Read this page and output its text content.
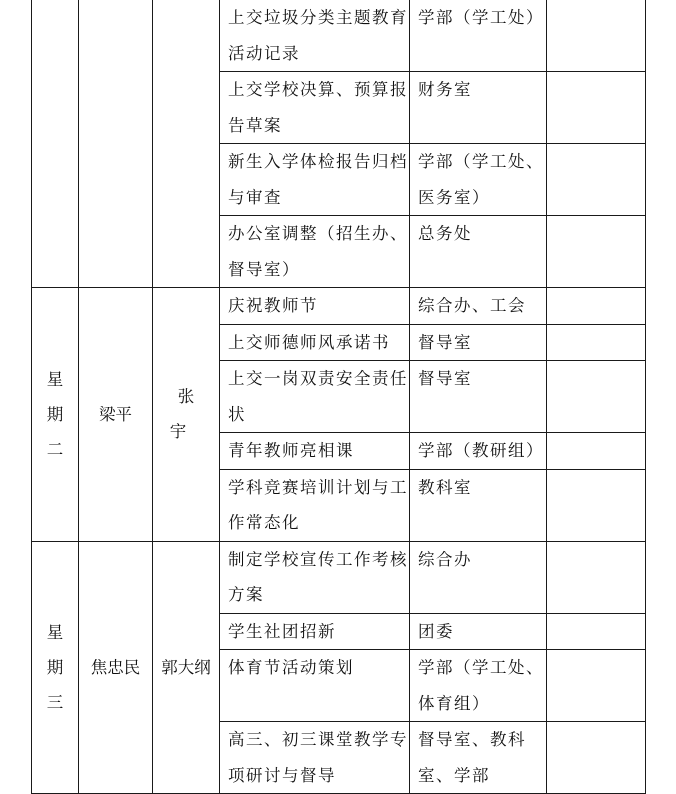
			上交垃圾分类主题教育活动记录	学部（学工处）	
			上交学校决算、预算报告草案	财务室	
			新生入学体检报告归档与审查	学部（学工处、医务室）	
			办公室调整（招生办、督导室）	总务处	

星
期
二	梁平	张宇	庆祝教师节	综合办、工会	
			上交师德师风承诺书	督导室	
			上交一岗双责安全责任状	督导室	
			青年教师亮相课	学部（教研组）	
			学科竞赛培训计划与工作常态化	教科室	

星
期
三	焦忠民	郭大纲	制定学校宣传工作考核方案	综合办	
			学生社团招新	团委	
			体育节活动策划	学部（学工处、体育组）	
			高三、初三课堂教学专项研讨与督导	督导室、教科室、学部	
